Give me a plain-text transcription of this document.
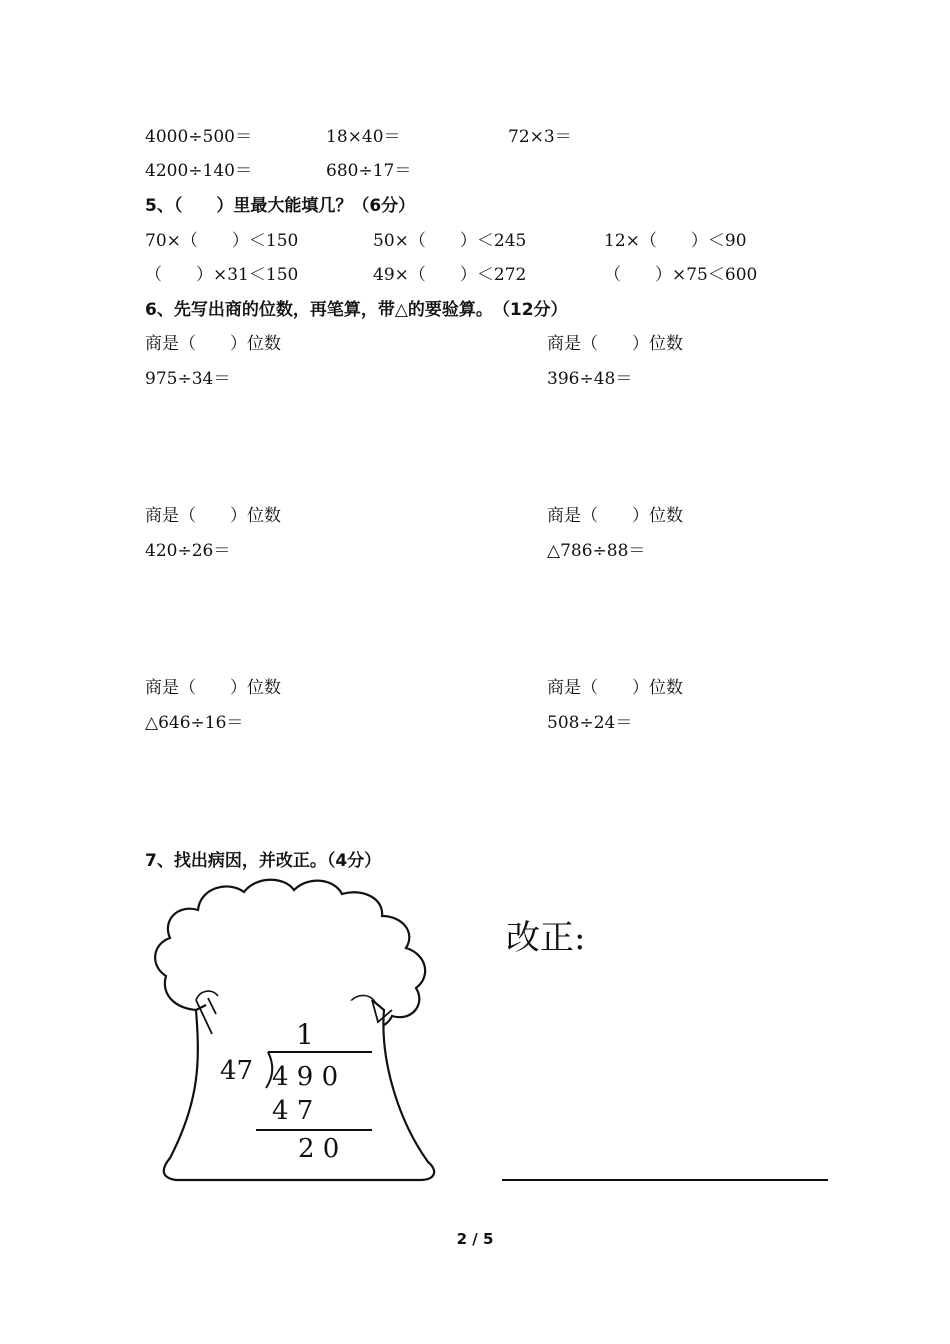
4000÷500＝	18×40＝	72×3＝
4200÷140＝	680÷17＝
5、（　　）里最大能填几？（6分）
70×（　　）＜150	50×（　　）＜245	12×（　　）＜90
（　　）×31＜150	49×（　　）＜272	（　　）×75＜600
6、先写出商的位数，再笔算，带△的要验算。　（12分）
商是（　　）位数
975÷34＝
商是（　　）位数
396÷48＝
商是（　　）位数
420÷26＝
商是（　　）位数
△786÷88＝
商是（　　）位数
△646÷16＝
商是（　　）位数
508÷24＝
7、找出病因，并改正。（4分）
1
47 4 9 0
4 7
2 0
改正:
2 / 5
